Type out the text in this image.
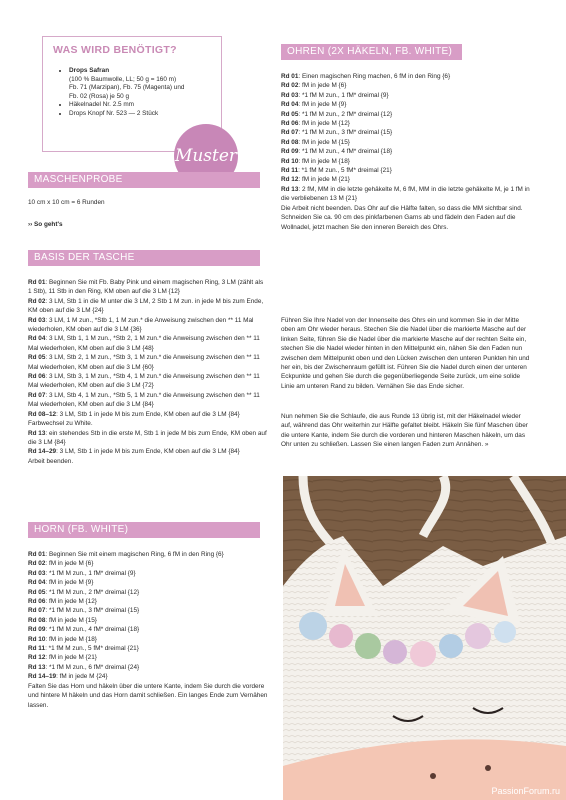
WAS WIRD BENÖTIGT?
• Drops Safran
(100 % Baumwolle, LL; 50 g = 160 m)
Fb. 71 (Marzipan), Fb. 75 (Magenta) und
Fb. 02 (Rosa) je 50 g
• Häkelnadel Nr. 2.5 mm
• Drops Knopf Nr. 523 — 2 Stück
Muster
MASCHENPROBE
10 cm x 10 cm = 6 Runden
›› So geht's
BASIS DER TASCHE

Rd 01: Beginnen Sie mit Fb. Baby Pink und einem magischen Ring, 3 LM (zählt als 1 Stb), 11 Stb in den Ring, KM oben auf die 3 LM {12}

Rd 02: 3 LM, Stb 1 in die M unter die 3 LM, 2 Stb 1 M zun. in jede M bis zum Ende, KM oben auf die 3 LM {24}

Rd 03: 3 LM, 1 M zun., *Stb 1, 1 M zun.* die Anweisung zwischen den ** 11 Mal wiederholen, KM oben auf die 3 LM {36}

Rd 04: 3 LM, Stb 1, 1 M zun., *Stb 2, 1 M zun.* die Anweisung zwischen den ** 11 Mal wiederholen, KM oben auf die 3 LM {48}

Rd 05: 3 LM, Stb 2, 1 M zun., *Stb 3, 1 M zun.* die Anweisung zwischen den ** 11 Mal wiederholen, KM oben auf die 3 LM {60}

Rd 06: 3 LM, Stb 3, 1 M zun., *Stb 4, 1 M zun.* die Anweisung zwischen den ** 11 Mal wiederholen, KM oben auf die 3 LM {72}

Rd 07: 3 LM, Stb 4, 1 M zun., *Stb 5, 1 M zun.* die Anweisung zwischen den ** 11 Mal wiederholen, KM oben auf die 3 LM {84}

Rd 08–12: 3 LM, Stb 1 in jede M bis zum Ende, KM oben auf die 3 LM {84}

Farbwechsel zu White.

Rd 13: ein stehendes Stb in die erste M, Stb 1 in jede M bis zum Ende, KM oben auf die 3 LM {84}

Rd 14–29: 3 LM, Stb 1 in jede M bis zum Ende, KM oben auf die 3 LM {84}

Arbeit beenden.

HORN (FB. WHITE)

Rd 01: Beginnen Sie mit einem magischen Ring, 6 fM in den Ring {6}

Rd 02: fM in jede M {6}

Rd 03: *1 fM M zun., 1 fM* dreimal {9}

Rd 04: fM in jede M {9}

Rd 05: *1 fM M zun., 2 fM* dreimal {12}

Rd 06: fM in jede M {12}

Rd 07: *1 fM M zun., 3 fM* dreimal {15}

Rd 08: fM in jede M {15}

Rd 09: *1 fM M zun., 4 fM* dreimal {18}

Rd 10: fM in jede M {18}

Rd 11: *1 fM M zun., 5 fM* dreimal {21}

Rd 12: fM in jede M {21}

Rd 13: *1 fM M zun., 6 fM* dreimal {24}

Rd 14–19: fM in jede M {24}

Falten Sie das Horn und häkeln über die untere Kante, indem Sie durch die vordere und hintere M häkeln und das Horn damit schließen. Ein langes Ende zum Vernähen lassen.

OHREN (2X HÄKELN, FB. WHITE)

Rd 01: Einen magischen Ring machen, 6 fM in den Ring {6}

Rd 02: fM in jede M {6}

Rd 03: *1 fM M zun., 1 fM* dreimal {9}

Rd 04: fM in jede M {9}

Rd 05: *1 fM M zun., 2 fM* dreimal {12}

Rd 06: fM in jede M {12}

Rd 07: *1 fM M zun., 3 fM* dreimal {15}

Rd 08: fM in jede M {15}

Rd 09: *1 fM M zun., 4 fM* dreimal {18}

Rd 10: fM in jede M {18}

Rd 11: *1 fM M zun., 5 fM* dreimal {21}

Rd 12: fM in jede M {21}

Rd 13: 2 fM, MM in die letzte gehäkelte M, 6 fM, MM in die letzte gehäkelte M, je 1 fM in die verbliebenen 13 M {21}

Die Arbeit nicht beenden. Das Ohr auf die Hälfte falten, so dass die MM sichtbar sind.

Schneiden Sie ca. 90 cm des pinkfarbenen Garns ab und fädeln den Faden auf die Wollnadel, jetzt machen Sie den inneren Bereich des Ohrs.

Führen Sie Ihre Nadel von der Innenseite des Ohrs ein und kommen Sie in der Mitte oben am Ohr wieder heraus. Stechen Sie die Nadel über die markierte Masche auf der linken Seite, führen Sie die Nadel über die markierte Masche auf der rechten Seite ein, stechen Sie die Nadel wieder hinten in den Mittelpunkt ein, nähen Sie den Faden nun zwischen dem Mittelpunkt oben und den Lücken zwischen den unteren Punkten hin und her ein, bis der Zwischenraum gefüllt ist. Führen Sie die Nadel durch einen der unteren Eckpunkte und gehen Sie durch die gegenüberliegende Seite zurück, um eine solide Linie am unteren Rand zu bilden. Vernähen Sie das Ende sicher.
Nun nehmen Sie die Schlaufe, die aus Runde 13 übrig ist, mit der Häkelnadel wieder auf, während das Ohr weiterhin zur Hälfte gefaltet bleibt. Häkeln Sie fünf Maschen über die untere Kante, indem Sie durch die vorderen und hinteren Maschen häkeln, um das Ohr unten zu schließen. Lassen Sie einen langen Faden zum Annähen. »
PassionForum.ru
